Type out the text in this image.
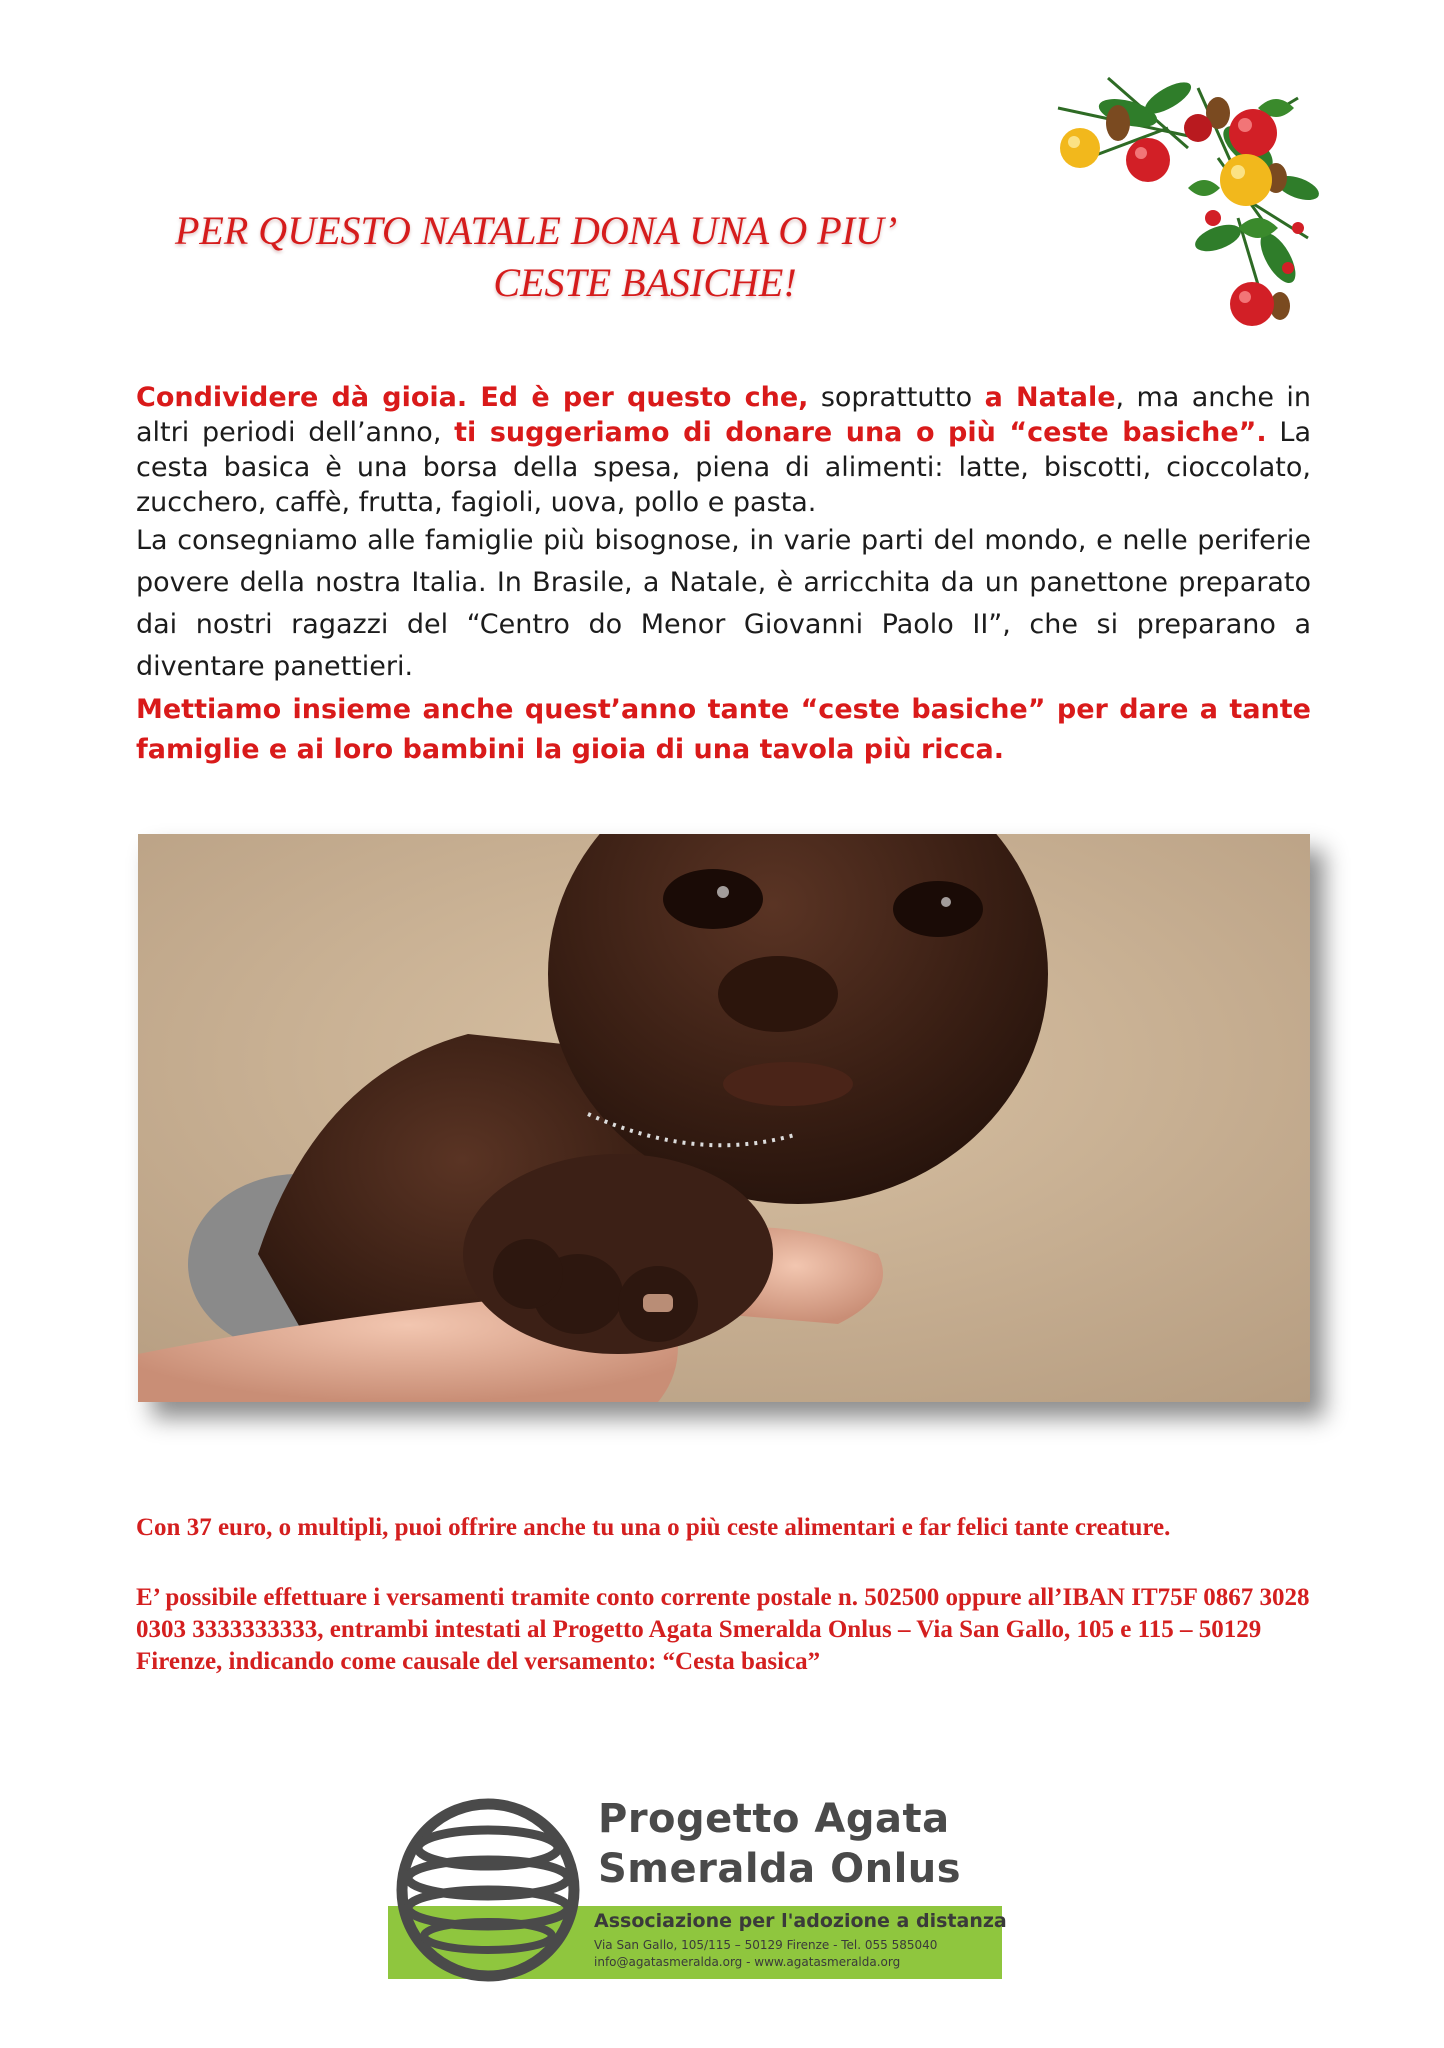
PER QUESTO NATALE DONA UNA O PIU’
CESTE BASICHE!

Condividere dà gioia. Ed è per questo che, soprattutto a Natale, ma anche in altri periodi dell’anno, ti suggeriamo di donare una o più “ceste basiche”. La cesta basica è una borsa della spesa, piena di alimenti: latte, biscotti, cioccolato, zucchero, caffè, frutta, fagioli, uova, pollo e pasta.

La consegniamo alle famiglie più bisognose, in varie parti del mondo, e nelle periferie povere della nostra Italia. In Brasile, a Natale, è arricchita da un panettone preparato dai nostri ragazzi del “Centro do Menor Giovanni Paolo II”, che si preparano a diventare panettieri.

Mettiamo insieme anche quest’anno tante “ceste basiche” per dare a tante famiglie e ai loro bambini la gioia di una tavola più ricca.

Con 37 euro, o multipli, puoi offrire anche tu una o più ceste alimentari e far felici tante creature.

E’ possibile effettuare i versamenti tramite conto corrente postale n. 502500 oppure all’IBAN IT75F 0867 3028 0303 3333333333, entrambi intestati al Progetto Agata Smeralda Onlus – Via San Gallo, 105 e 115 – 50129 Firenze, indicando come causale del versamento: “Cesta basica”

Progetto Agata
Smeralda Onlus
Associazione per l'adozione a distanza
Via San Gallo, 105/115 – 50129 Firenze - Tel. 055 585040
info@agatasmeralda.org - www.agatasmeralda.org
